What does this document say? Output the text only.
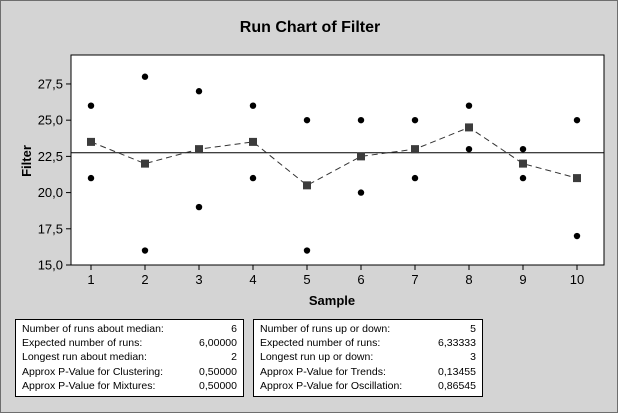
Run Chart of Filter
15,0
17,5
20,0
22,5
25,0
27,5
1	2	3	4	5	6	7	8	9	10
Sample
Filter
Number of runs about median:	6
Expected number of runs:	6,00000
Longest run about median:	2
Approx P-Value for Clustering:	0,50000
Approx P-Value for Mixtures:	0,50000
Number of runs up or down:	5
Expected number of runs:	6,33333
Longest run up or down:	3
Approx P-Value for Trends:	0,13455
Approx P-Value for Oscillation:	0,86545
